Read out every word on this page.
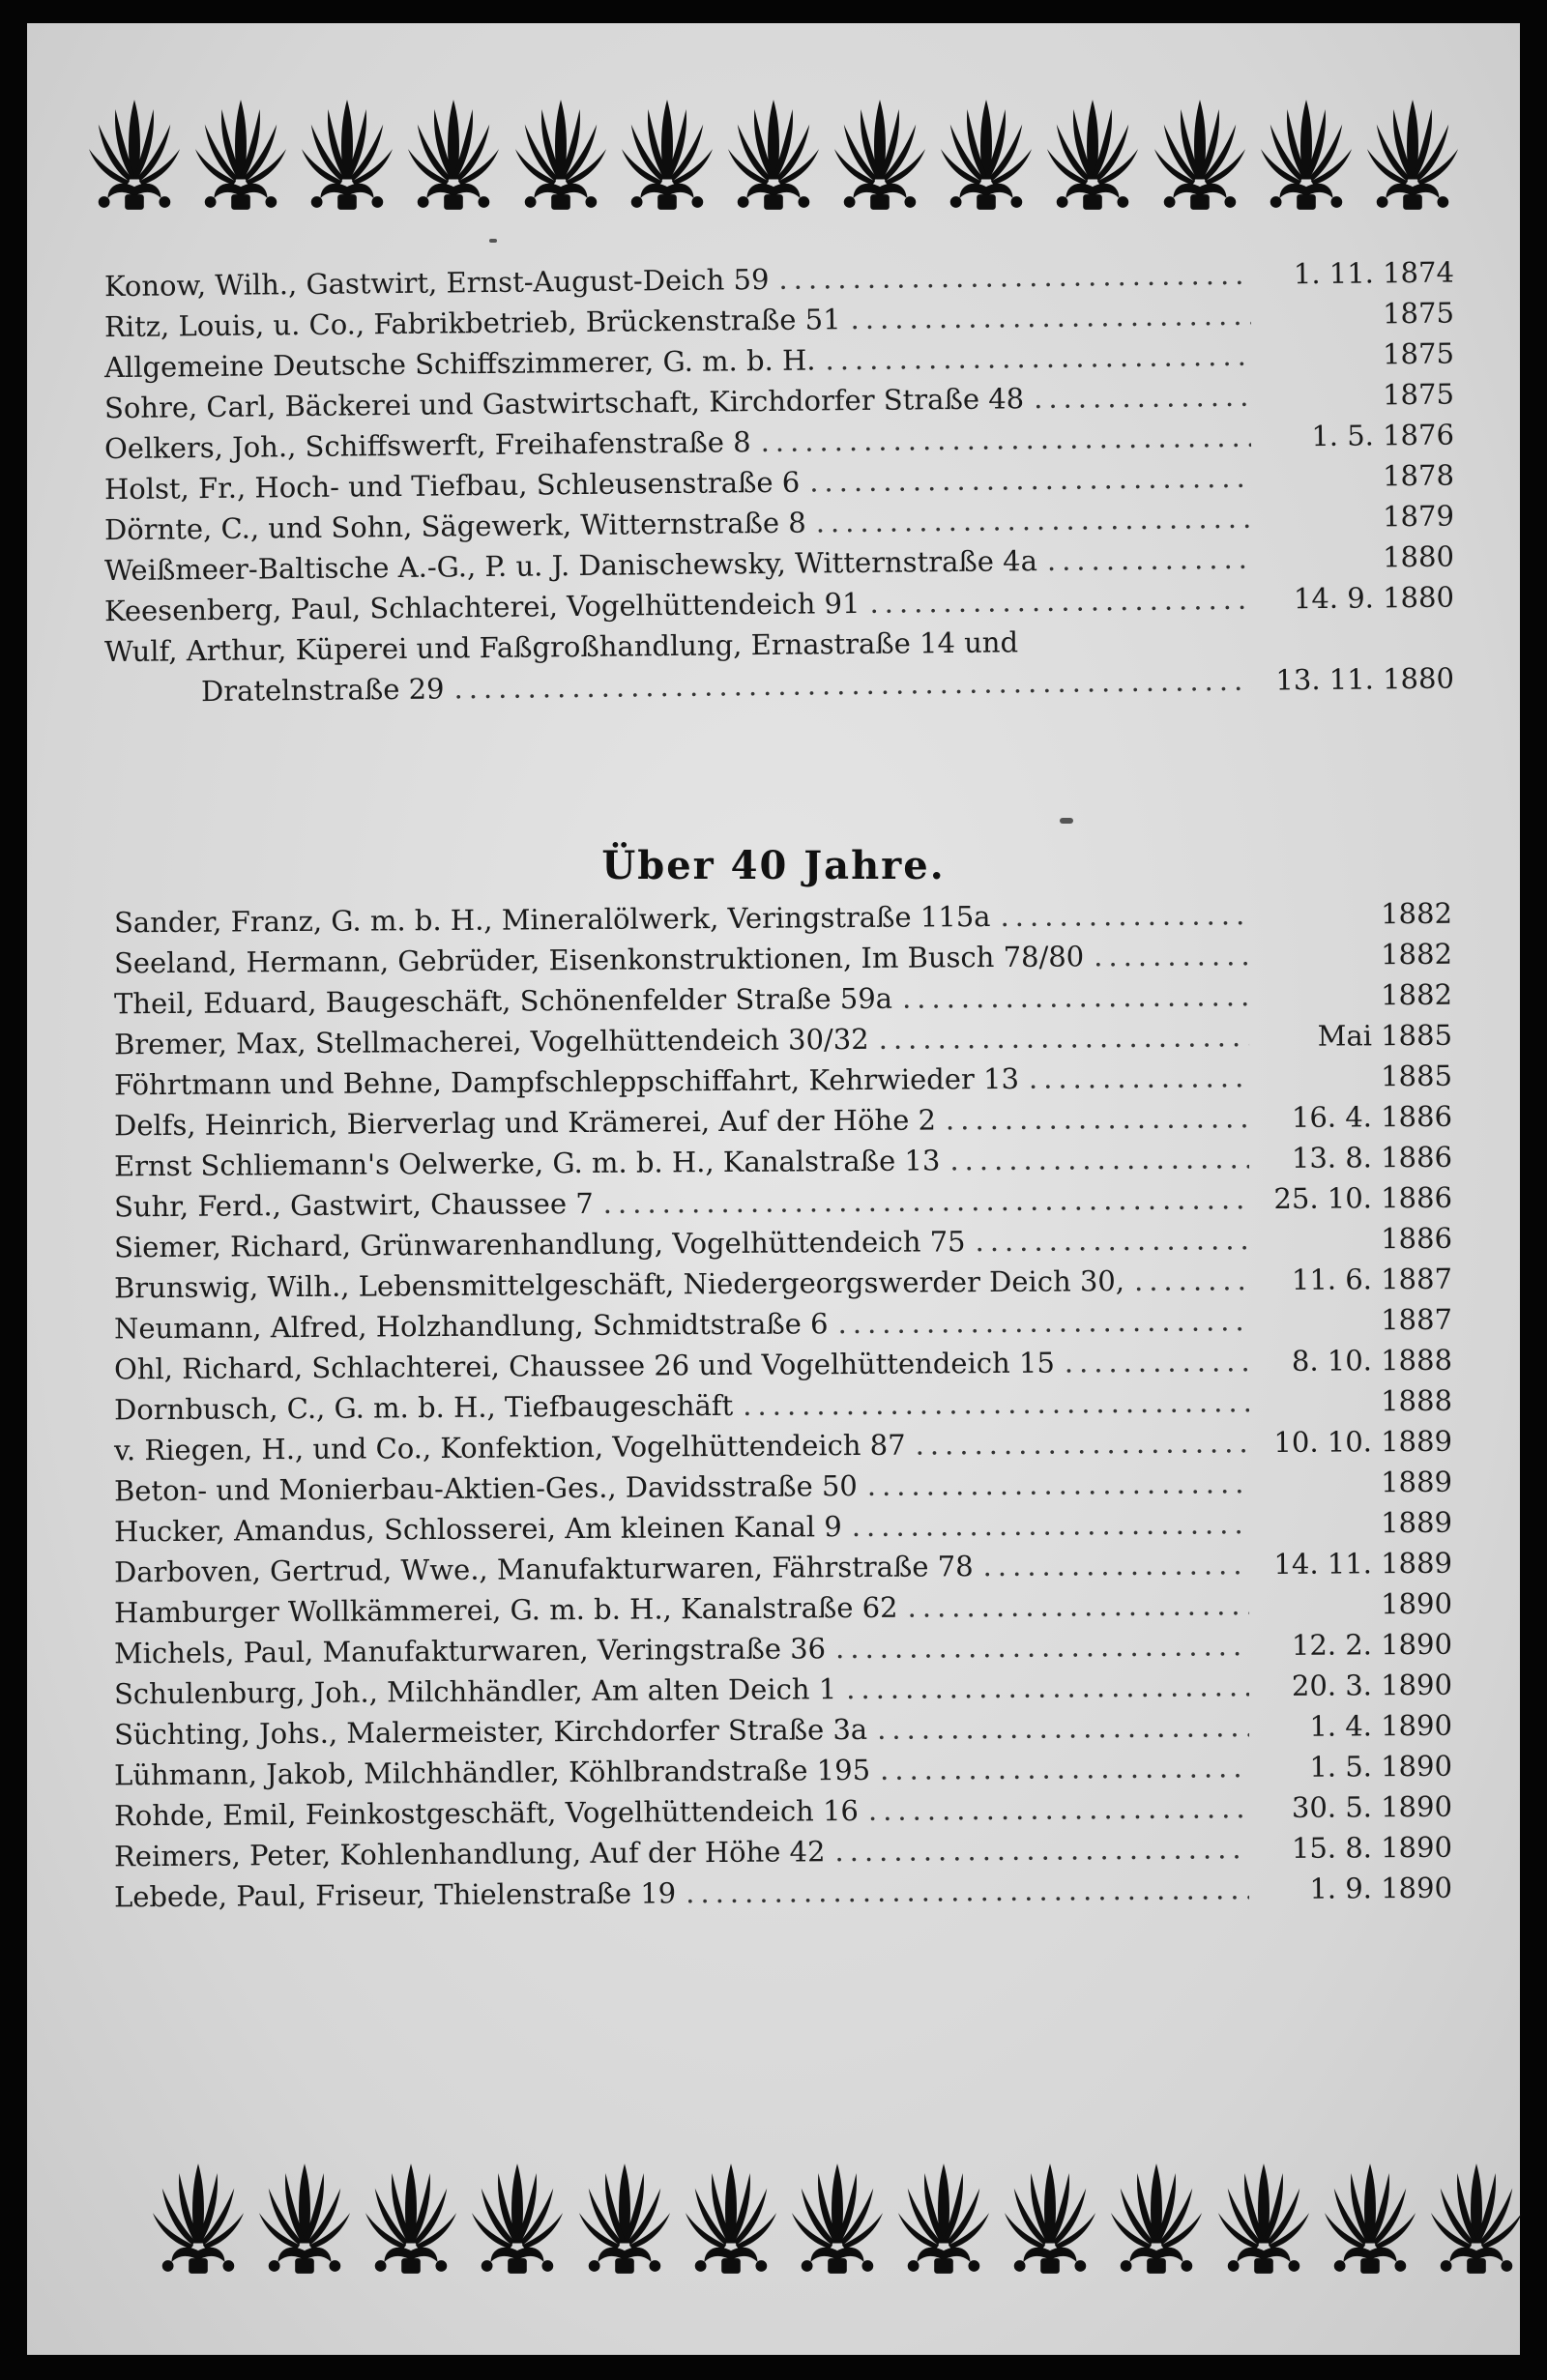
Konow, Wilh., Gastwirt, Ernst-August-Deich 59 .....	1. 11. 1874
Ritz, Louis, u. Co., Fabrikbetrieb, Brückenstraße 51 .....	1875
Allgemeine Deutsche Schiffszimmerer, G. m. b. H. .....	1875
Sohre, Carl, Bäckerei und Gastwirtschaft, Kirchdorfer Straße 48 .....	1875
Oelkers, Joh., Schiffswerft, Freihafenstraße 8 .....	1. 5. 1876
Holst, Fr., Hoch- und Tiefbau, Schleusenstraße 6 .....	1878
Dörnte, C., und Sohn, Sägewerk, Witternstraße 8 .....	1879
Weißmeer-Baltische A.-G., P. u. J. Danischewsky, Witternstraße 4a .....	1880
Keesenberg, Paul, Schlachterei, Vogelhüttendeich 91 .....	14. 9. 1880
Wulf, Arthur, Küperei und Faßgroßhandlung, Ernastraße 14 und
Dratelnstraße 29 .....	13. 11. 1880
Über 40 Jahre.
Sander, Franz, G. m. b. H., Mineralölwerk, Veringstraße 115a .....	1882
Seeland, Hermann, Gebrüder, Eisenkonstruktionen, Im Busch 78/80 .....	1882
Theil, Eduard, Baugeschäft, Schönenfelder Straße 59a .....	1882
Bremer, Max, Stellmacherei, Vogelhüttendeich 30/32 .....	Mai 1885
Föhrtmann und Behne, Dampfschleppschiffahrt, Kehrwieder 13 .....	1885
Delfs, Heinrich, Bierverlag und Krämerei, Auf der Höhe 2 .....	16. 4. 1886
Ernst Schliemann's Oelwerke, G. m. b. H., Kanalstraße 13 .....	13. 8. 1886
Suhr, Ferd., Gastwirt, Chaussee 7 .....	25. 10. 1886
Siemer, Richard, Grünwarenhandlung, Vogelhüttendeich 75 .....	1886
Brunswig, Wilh., Lebensmittelgeschäft, Niedergeorgswerder Deich 30, .....	11. 6. 1887
Neumann, Alfred, Holzhandlung, Schmidtstraße 6 .....	1887
Ohl, Richard, Schlachterei, Chaussee 26 und Vogelhüttendeich 15 .....	8. 10. 1888
Dornbusch, C., G. m. b. H., Tiefbaugeschäft .....	1888
v. Riegen, H., und Co., Konfektion, Vogelhüttendeich 87 .....	10. 10. 1889
Beton- und Monierbau-Aktien-Ges., Davidsstraße 50 .....	1889
Hucker, Amandus, Schlosserei, Am kleinen Kanal 9 .....	1889
Darboven, Gertrud, Wwe., Manufakturwaren, Fährstraße 78 .....	14. 11. 1889
Hamburger Wollkämmerei, G. m. b. H., Kanalstraße 62 .....	1890
Michels, Paul, Manufakturwaren, Veringstraße 36 .....	12. 2. 1890
Schulenburg, Joh., Milchhändler, Am alten Deich 1 .....	20. 3. 1890
Süchting, Johs., Malermeister, Kirchdorfer Straße 3a .....	1. 4. 1890
Lühmann, Jakob, Milchhändler, Köhlbrandstraße 195 .....	1. 5. 1890
Rohde, Emil, Feinkostgeschäft, Vogelhüttendeich 16 .....	30. 5. 1890
Reimers, Peter, Kohlenhandlung, Auf der Höhe 42 .....	15. 8. 1890
Lebede, Paul, Friseur, Thielenstraße 19 .....	1. 9. 1890
